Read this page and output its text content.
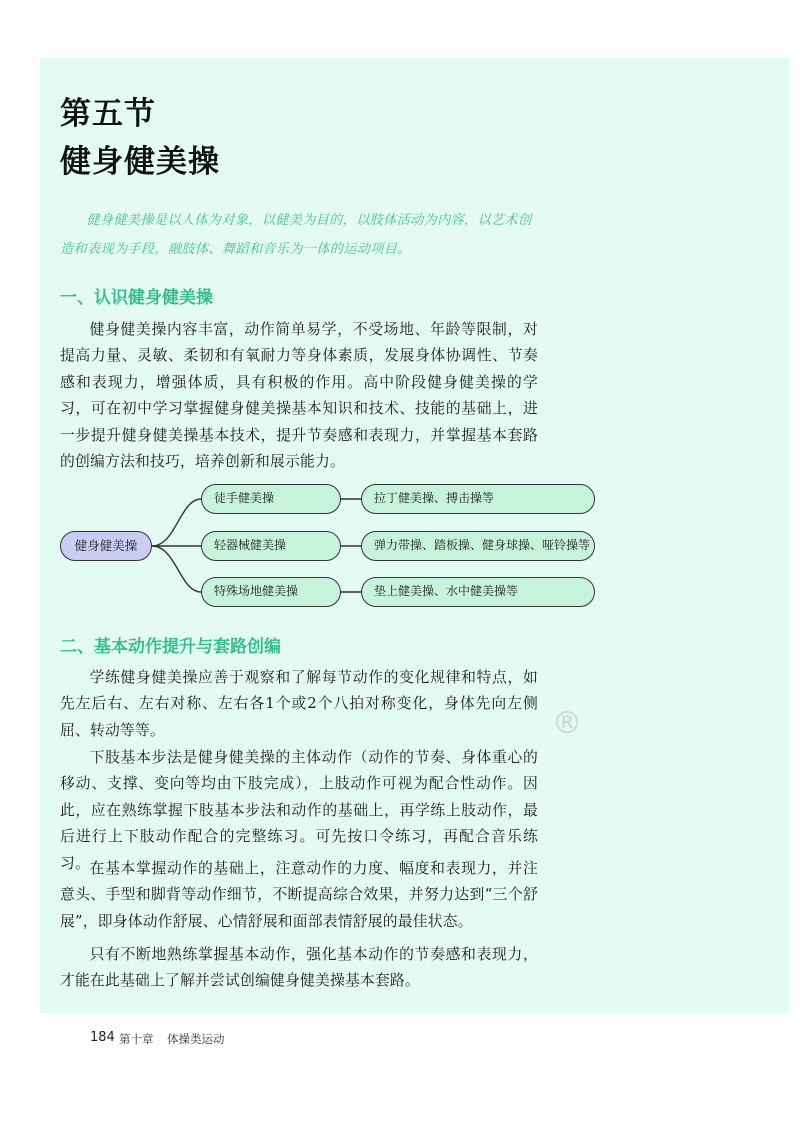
第五节
健身健美操

健身健美操是以人体为对象，以健美为目的，以肢体活动为内容，以艺术创造和表现为手段，融肢体、舞蹈和音乐为一体的运动项目。

一、认识健身健美操

健身健美操内容丰富，动作简单易学，不受场地、年龄等限制，对提高力量、灵敏、柔韧和有氧耐力等身体素质，发展身体协调性、节奏感和表现力，增强体质，具有积极的作用。高中阶段健身健美操的学习，可在初中学习掌握健身健美操基本知识和技术、技能的基础上，进一步提升健身健美操基本技术，提升节奏感和表现力，并掌握基本套路的创编方法和技巧，培养创新和展示能力。

健身健美操
徒手健美操
轻器械健美操
特殊场地健美操
拉丁健美操、搏击操等
弹力带操、踏板操、健身球操、哑铃操等
垫上健美操、水中健美操等
二、基本动作提升与套路创编

学练健身健美操应善于观察和了解每节动作的变化规律和特点，如先左后右、左右对称、左右各1个或2个八拍对称变化，身体先向左侧屈、转动等等。

下肢基本步法是健身健美操的主体动作（动作的节奏、身体重心的移动、支撑、变向等均由下肢完成），上肢动作可视为配合性动作。因此，应在熟练掌握下肢基本步法和动作的基础上，再学练上肢动作，最后进行上下肢动作配合的完整练习。可先按口令练习，再配合音乐练习。 在基本掌握动作的基础上，注意动作的力度、幅度和表现力，并注意头、手型和脚背等动作细节，不断提高综合效果，并努力达到“三个舒展”，即身体动作舒展、心情舒展和面部表情舒展的最佳状态。

只有不断地熟练掌握基本动作，强化基本动作的节奏感和表现力，才能在此基础上了解并尝试创编健身健美操基本套路。

®
184 第十章 体操类运动
